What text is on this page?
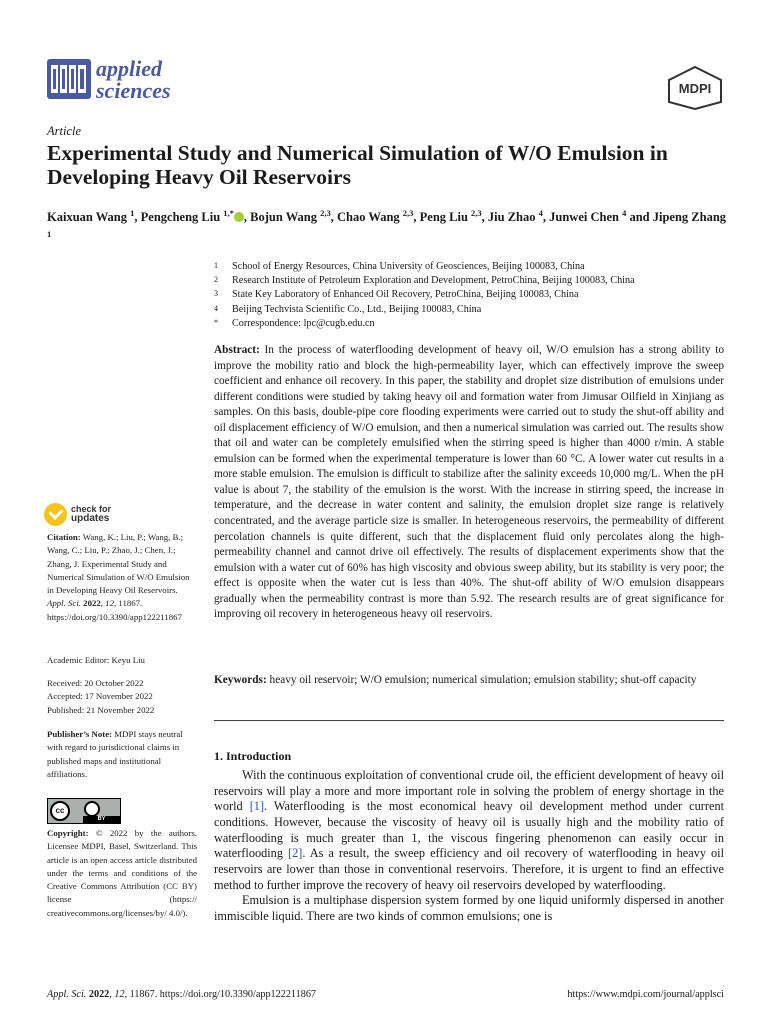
applied
sciences	MDPI
Article
Experimental Study and Numerical Simulation of W/O Emulsion in Developing Heavy Oil Reservoirs
Kaixuan Wang $^1$, Pengcheng Liu $^{1,*}$ , Bojun Wang $^{2,3}$, Chao Wang $^{2,3}$, Peng Liu $^{2,3}$, Jiu Zhao $^4$, Junwei Chen $^4$ and Jipeng Zhang $^1$
1	School of Energy Resources, China University of Geosciences, Beijing 100083, China
2	Research Institute of Petroleum Exploration and Development, PetroChina, Beijing 100083, China
3	State Key Laboratory of Enhanced Oil Recovery, PetroChina, Beijing 100083, China
4	Beijing Techvista Scientific Co., Ltd., Beijing 100083, China
*	Correspondence: lpc@cugb.edu.cn
Abstract: In the process of waterflooding development of heavy oil, W/O emulsion has a strong ability to improve the mobility ratio and block the high-permeability layer, which can effectively improve the sweep coefficient and enhance oil recovery. In this paper, the stability and droplet size distribution of emulsions under different conditions were studied by taking heavy oil and formation water from Jimusar Oilfield in Xinjiang as samples. On this basis, double-pipe core flooding experiments were carried out to study the shut-off ability and oil displacement efficiency of W/O emulsion, and then a numerical simulation was carried out. The results show that oil and water can be completely emulsified when the stirring speed is higher than 4000 r/min. A stable emulsion can be formed when the experimental temperature is lower than 60 °C. A lower water cut results in a more stable emulsion. The emulsion is difficult to stabilize after the salinity exceeds 10,000 mg/L. When the pH value is about 7, the stability of the emulsion is the worst. With the increase in stirring speed, the increase in temperature, and the decrease in water content and salinity, the emulsion droplet size range is relatively concentrated, and the average particle size is smaller. In heterogeneous reservoirs, the permeability of different percolation channels is quite different, such that the displacement fluid only percolates along the high-permeability channel and cannot drive oil effectively. The results of displacement experiments show that the emulsion with a water cut of 60% has high viscosity and obvious sweep ability, but its stability is very poor; the effect is opposite when the water cut is less than 40%. The shut-off ability of W/O emulsion disappears gradually when the permeability contrast is more than 5.92. The research results are of great significance for improving oil recovery in heterogeneous heavy oil reservoirs.
Keywords: heavy oil reservoir; W/O emulsion; numerical simulation; emulsion stability; shut-off capacity
1. Introduction

With the continuous exploitation of conventional crude oil, the efficient development of heavy oil reservoirs will play a more and more important role in solving the problem of energy shortage in the world [1]. Waterflooding is the most economical heavy oil development method under current conditions. However, because the viscosity of heavy oil is usually high and the mobility ratio of waterflooding is much greater than 1, the viscous fingering phenomenon can easily occur in waterflooding [2]. As a result, the sweep efficiency and oil recovery of waterflooding in heavy oil reservoirs are lower than those in conventional reservoirs. Therefore, it is urgent to find an effective method to further improve the recovery of heavy oil reservoirs developed by waterflooding.

Emulsion is a multiphase dispersion system formed by one liquid uniformly dispersed in another immiscible liquid. There are two kinds of common emulsions; one is

check for
updates
Citation: Wang, K.; Liu, P.; Wang, B.; Wang, C.; Liu, P.; Zhao, J.; Chen, J.; Zhang, J. Experimental Study and Numerical Simulation of W/O Emulsion in Developing Heavy Oil Reservoirs. Appl. Sci. 2022, 12, 11867. https://doi.org/10.3390/app122211867
Academic Editor: Keyu Liu
Received: 20 October 2022
Accepted: 17 November 2022
Published: 21 November 2022
Publisher’s Note: MDPI stays neutral with regard to jurisdictional claims in published maps and institutional affiliations.
cc
BY
Copyright: © 2022 by the authors. Licensee MDPI, Basel, Switzerland. This article is an open access article distributed under the terms and conditions of the Creative Commons Attribution (CC BY) license (https:// creativecommons.org/licenses/by/ 4.0/).
Appl. Sci. 2022, 12, 11867. https://doi.org/10.3390/app122211867	https://www.mdpi.com/journal/applsci
